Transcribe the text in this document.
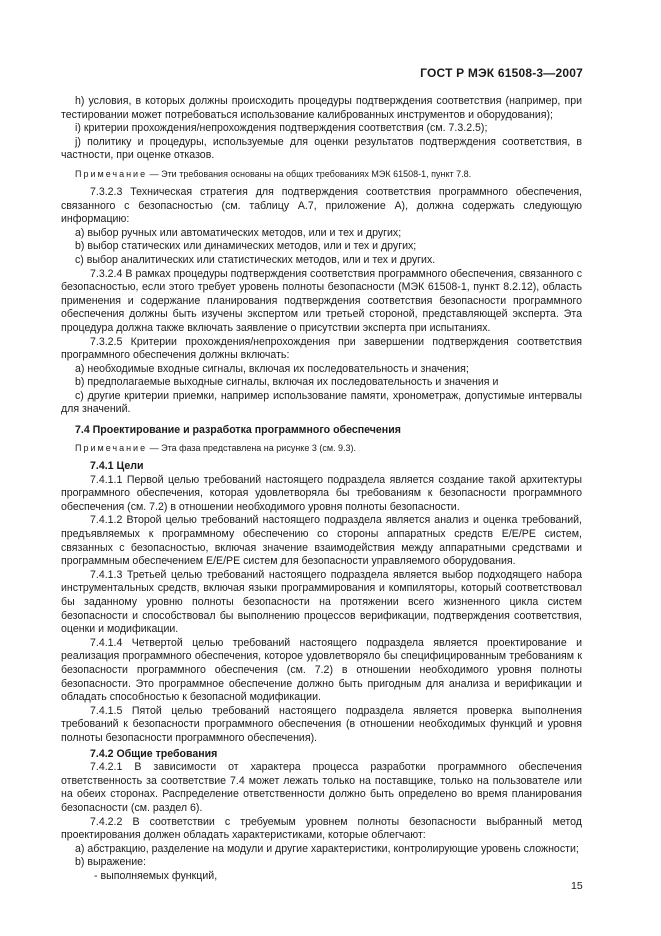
ГОСТ Р МЭК 61508-3—2007
h) условия, в которых должны происходить процедуры подтверждения соответствия (например, при тестировании может потребоваться использование калиброванных инструментов и оборудования);
i) критерии прохождения/непрохождения подтверждения соответствия (см. 7.3.2.5);
j) политику и процедуры, используемые для оценки результатов подтверждения соответствия, в частности, при оценке отказов.
Примечание — Эти требования основаны на общих требованиях МЭК 61508-1, пункт 7.8.
7.3.2.3 Техническая стратегия для подтверждения соответствия программного обеспечения, связанного с безопасностью (см. таблицу А.7, приложение А), должна содержать следующую информацию:
a) выбор ручных или автоматических методов, или и тех и других;
b) выбор статических или динамических методов, или и тех и других;
c) выбор аналитических или статистических методов, или и тех и других.
7.3.2.4 В рамках процедуры подтверждения соответствия программного обеспечения, связанного с безопасностью, если этого требует уровень полноты безопасности (МЭК 61508-1, пункт 8.2.12), область применения и содержание планирования подтверждения соответствия безопасности программного обеспечения должны быть изучены экспертом или третьей стороной, представляющей эксперта. Эта процедура должна также включать заявление о присутствии эксперта при испытаниях.
7.3.2.5 Критерии прохождения/непрохождения при завершении подтверждения соответствия программного обеспечения должны включать:
a) необходимые входные сигналы, включая их последовательность и значения;
b) предполагаемые выходные сигналы, включая их последовательность и значения и
c) другие критерии приемки, например использование памяти, хронометраж, допустимые интервалы для значений.
7.4 Проектирование и разработка программного обеспечения
Примечание — Эта фаза представлена на рисунке 3 (см. 9.3).
7.4.1 Цели
7.4.1.1 Первой целью требований настоящего подраздела является создание такой архитектуры программного обеспечения, которая удовлетворяла бы требованиям к безопасности программного обеспечения (см. 7.2) в отношении необходимого уровня полноты безопасности.
7.4.1.2 Второй целью требований настоящего подраздела является анализ и оценка требований, предъявляемых к программному обеспечению со стороны аппаратных средств Е/Е/РЕ систем, связанных с безопасностью, включая значение взаимодействия между аппаратными средствами и программным обеспечением Е/Е/РЕ систем для безопасности управляемого оборудования.
7.4.1.3 Третьей целью требований настоящего подраздела является выбор подходящего набора инструментальных средств, включая языки программирования и компиляторы, который соответствовал бы заданному уровню полноты безопасности на протяжении всего жизненного цикла систем безопасности и способствовал бы выполнению процессов верификации, подтверждения соответствия, оценки и модификации.
7.4.1.4 Четвертой целью требований настоящего подраздела является проектирование и реализация программного обеспечения, которое удовлетворяло бы специфицированным требованиям к безопасности программного обеспечения (см. 7.2) в отношении необходимого уровня полноты безопасности. Это программное обеспечение должно быть пригодным для анализа и верификации и обладать способностью к безопасной модификации.
7.4.1.5 Пятой целью требований настоящего подраздела является проверка выполнения требований к безопасности программного обеспечения (в отношении необходимых функций и уровня полноты безопасности программного обеспечения).
7.4.2 Общие требования
7.4.2.1 В зависимости от характера процесса разработки программного обеспечения ответственность за соответствие 7.4 может лежать только на поставщике, только на пользователе или на обеих сторонах. Распределение ответственности должно быть определено во время планирования безопасности (см. раздел 6).
7.4.2.2 В соответствии с требуемым уровнем полноты безопасности выбранный метод проектирования должен обладать характеристиками, которые облегчают:
a) абстракцию, разделение на модули и другие характеристики, контролирующие уровень сложности;
b) выражение:
- выполняемых функций,
15
